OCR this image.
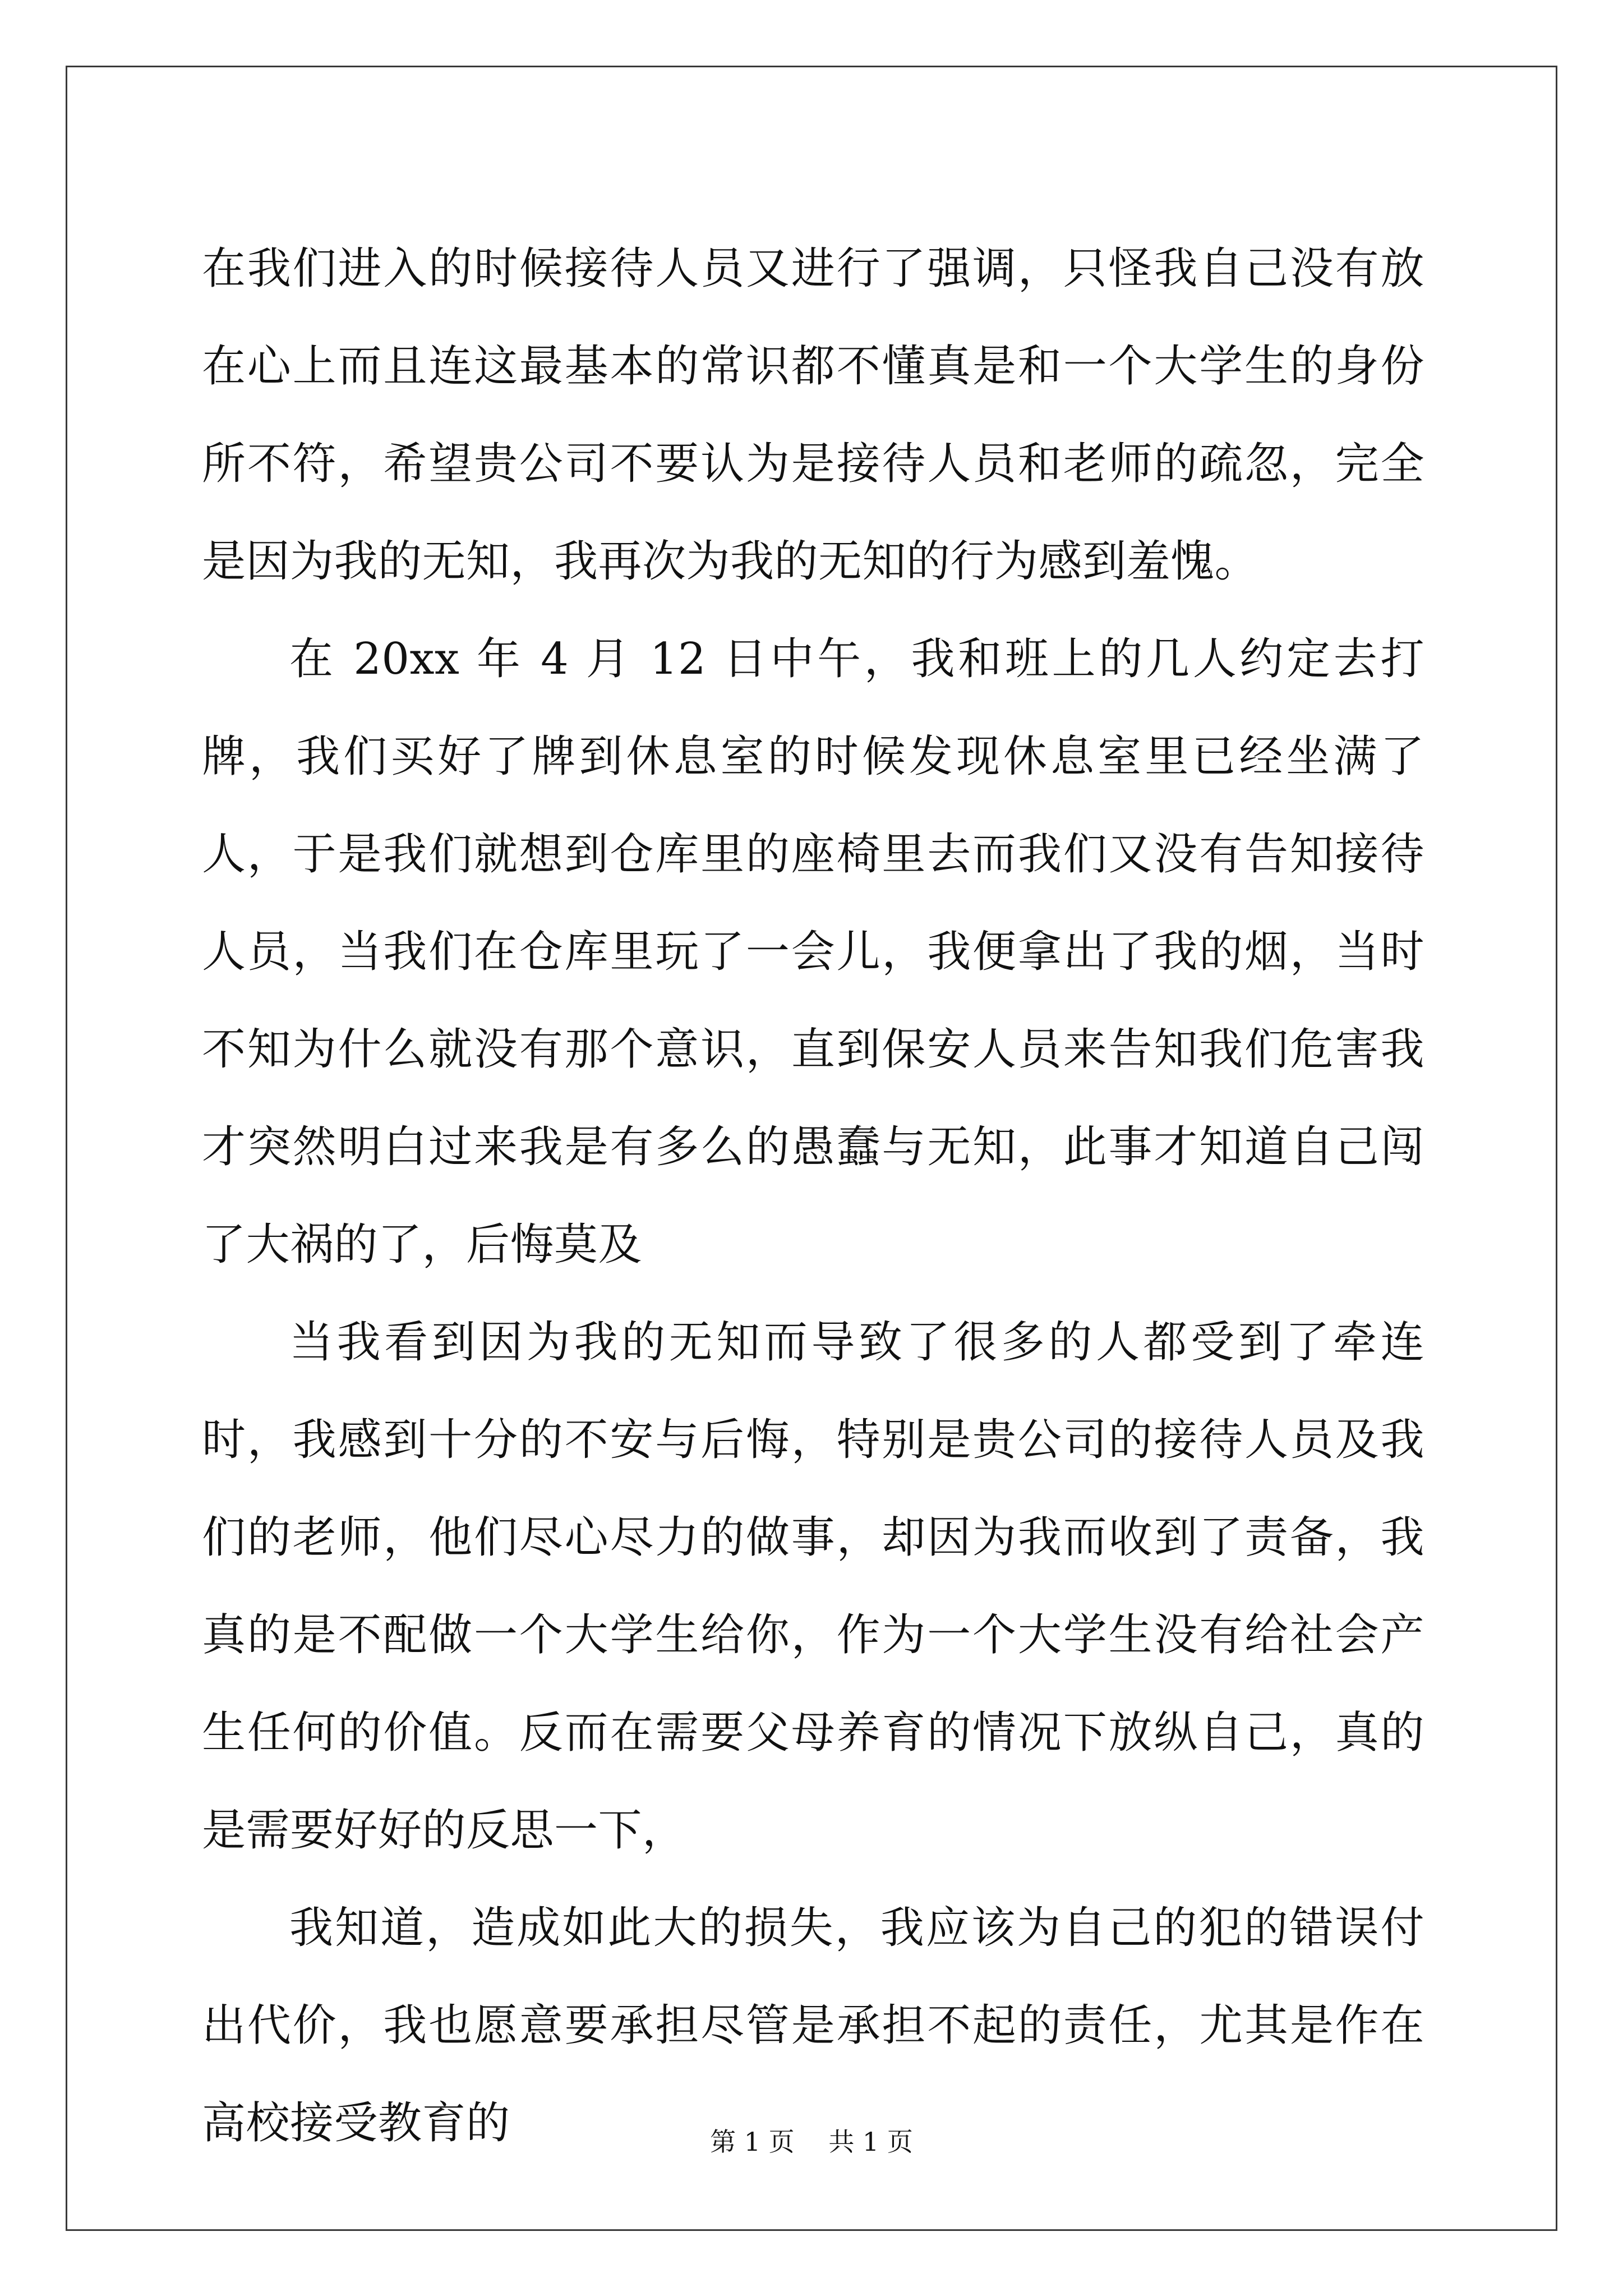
在我们进入的时候接待人员又进行了强调，只怪我自己没有放在心上而且连这最基本的常识都不懂真是和一个大学生的身份所不符，希望贵公司不要认为是接待人员和老师的疏忽，完全是因为我的无知，我再次为我的无知的行为感到羞愧。

在 20xx 年 4 月 12 日中午，我和班上的几人约定去打牌，我们买好了牌到休息室的时候发现休息室里已经坐满了人，于是我们就想到仓库里的座椅里去而我们又没有告知接待人员，当我们在仓库里玩了一会儿，我便拿出了我的烟，当时不知为什么就没有那个意识，直到保安人员来告知我们危害我才突然明白过来我是有多么的愚蠢与无知，此事才知道自己闯了大祸的了，后悔莫及

当我看到因为我的无知而导致了很多的人都受到了牵连时，我感到十分的不安与后悔，特别是贵公司的接待人员及我们的老师，他们尽心尽力的做事，却因为我而收到了责备，我真的是不配做一个大学生给你，作为一个大学生没有给社会产生任何的价值。反而在需要父母养育的情况下放纵自己，真的是需要好好的反思一下，

我知道，造成如此大的损失，我应该为自己的犯的错误付出代价，我也愿意要承担尽管是承担不起的责任，尤其是作在高校接受教育的	第 1 页 共 1 页
